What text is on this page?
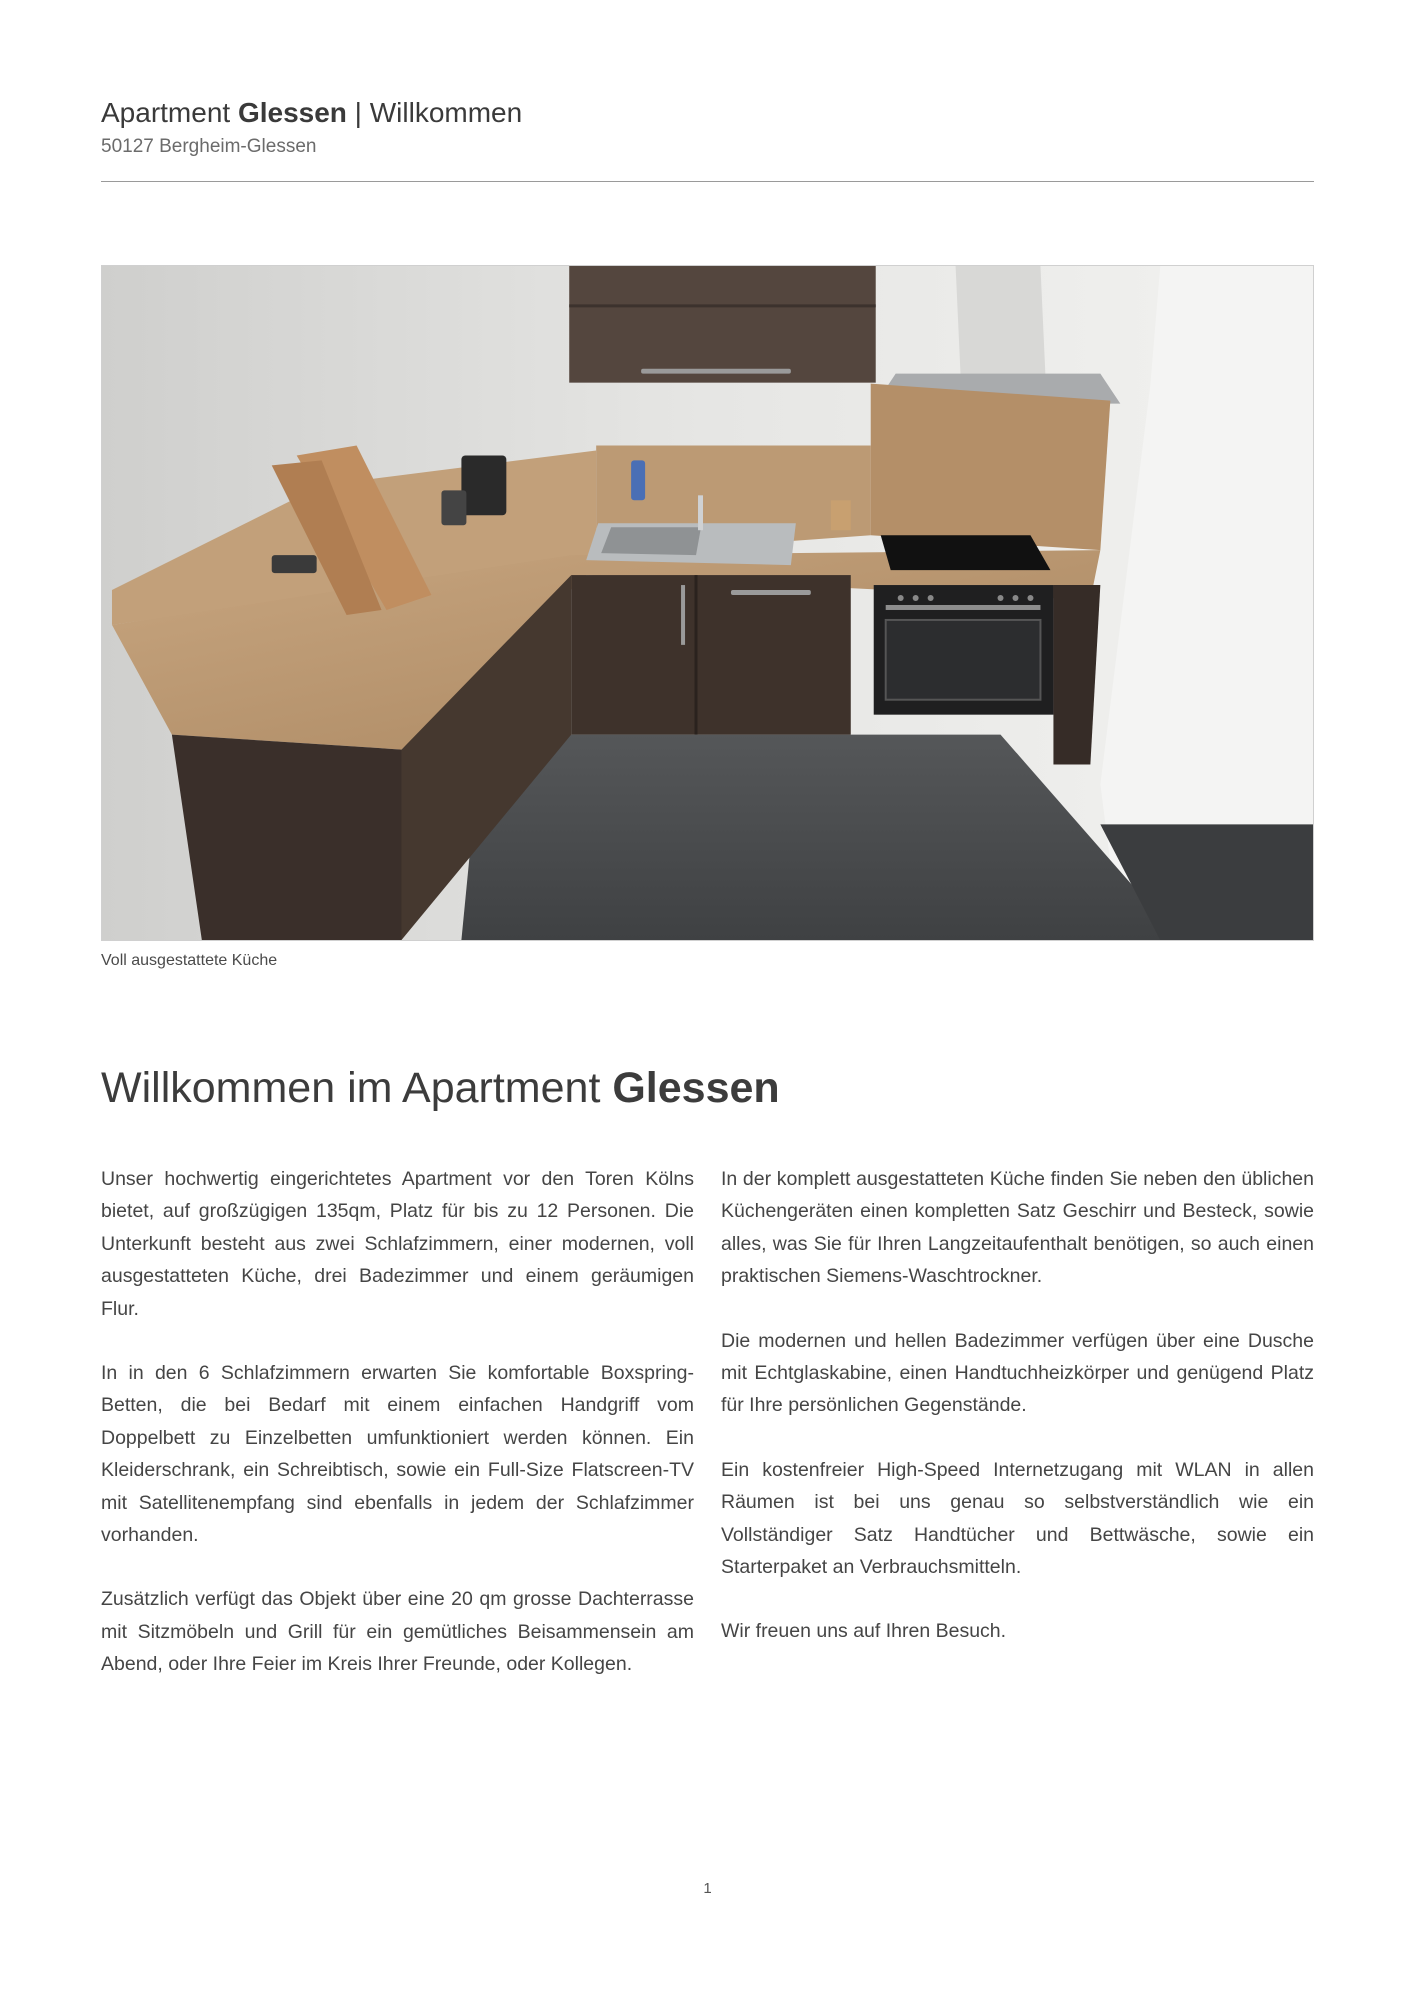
Apartment Glessen | Willkommen
50127 Bergheim-Glessen
Voll ausgestattete Küche
Willkommen im Apartment Glessen

Unser hochwertig eingerichtetes Apartment vor den Toren Kölns bietet, auf großzügigen 135qm, Platz für bis zu 12 Personen. Die Unterkunft besteht aus zwei Schlafzimmern, einer modernen, voll ausgestatteten Küche, drei Badezimmer und einem geräumigen Flur.

In in den 6 Schlafzimmern erwarten Sie komfortable Boxspring-Betten, die bei Bedarf mit einem einfachen Handgriff vom Doppelbett zu Einzelbetten umfunktioniert werden können. Ein Kleiderschrank, ein Schreibtisch, sowie ein Full-Size Flatscreen-TV mit Satellitenempfang sind ebenfalls in jedem der Schlafzimmer vorhanden.

Zusätzlich verfügt das Objekt über eine 20 qm grosse Dachterrasse mit Sitzmöbeln und Grill für ein gemütliches Beisammensein am Abend, oder Ihre Feier im Kreis Ihrer Freunde, oder Kollegen.

In der komplett ausgestatteten Küche finden Sie neben den üblichen Küchengeräten einen kompletten Satz Geschirr und Besteck, sowie alles, was Sie für Ihren Langzeitaufenthalt benötigen, so auch einen praktischen Siemens-Waschtrockner.

Die modernen und hellen Badezimmer verfügen über eine Dusche mit Echtglaskabine, einen Handtuchheizkörper und genügend Platz für Ihre persönlichen Gegenstände.

Ein kostenfreier High-Speed Internetzugang mit WLAN in allen Räumen ist bei uns genau so selbstverständlich wie ein Vollständiger Satz Handtücher und Bettwäsche, sowie ein Starterpaket an Verbrauchsmitteln.

Wir freuen uns auf Ihren Besuch.

1
